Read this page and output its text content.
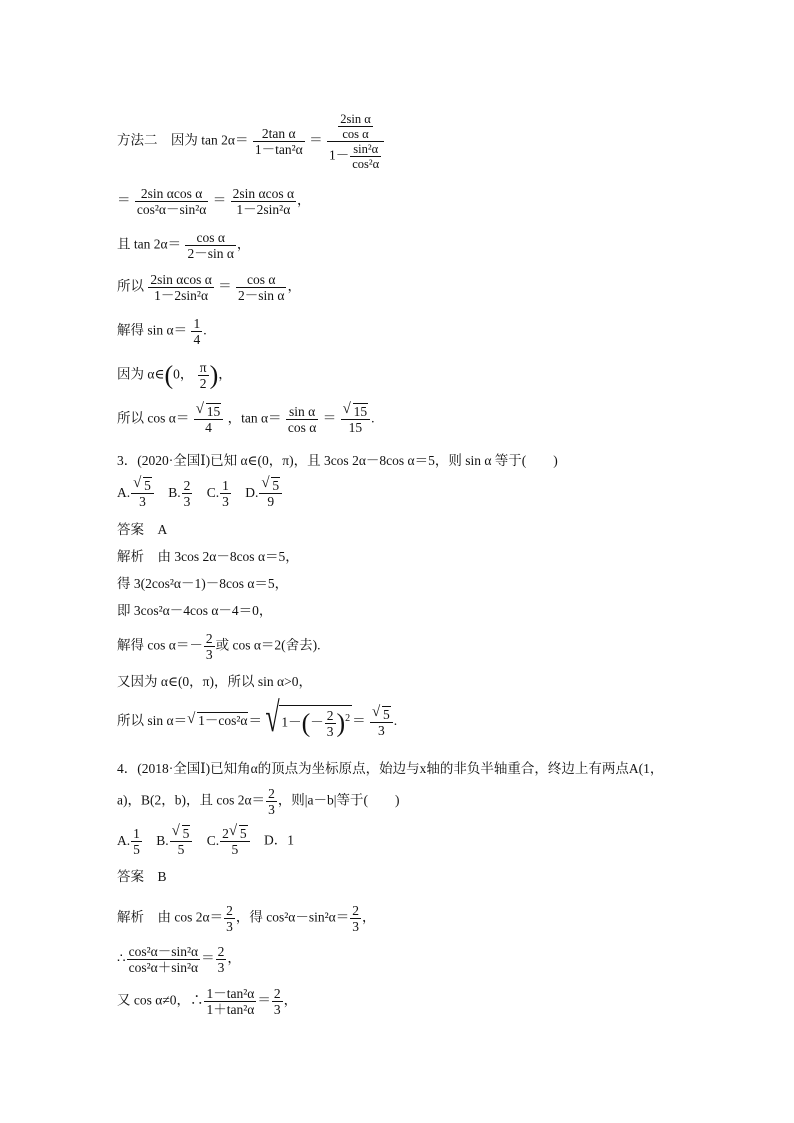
方法二 因为 $\tan 2\alpha= \frac{\text{2tan α}}{\text{1－tan²α}} = \frac{\frac{\text{2sin α}}{\text{cos α}}}{1- \frac{\text{sin²α}}{\text{cos²α}}}$
＝ $\frac{\text{2sin αcos α}}{\text{cos²α－sin²α}} = \frac{\text{2sin αcos α}}{\text{1－2sin²α}}$ ，
且 $\tan 2\alpha= \frac{\text{cos α}}{\text{2－sin α}}$ ，
所以 $\frac{\text{2sin αcos α}}{\text{1－2sin²α}} = \frac{\text{cos α}}{\text{2－sin α}}$ ，
解得 $\sin \alpha= \frac{1}{4}$ .
因为 α∈(0， $\frac{\pi}{2}$ )，
所以 cos α＝ √ $\frac{15}{4}$ ，$\tan \alpha= \frac{\text{sin α}}{\text{cos α}}$ ＝ √ $\frac{15}{15}$ .
3．(2020·全国Ⅰ)已知 α∈(0，π)，且 3cos 2α－8cos α＝5，则 sin α 等于(　　)
A. √ $\frac{5}{3} B$. $\frac{2}{3} C$. $\frac{1}{3} D$. √ $\frac{5}{9}$
答案　A
解析　由 3cos 2α－8cos α＝5，
得 3(2cos²α－1)－8cos α＝5，
即 3cos²α－4cos α－4＝0，
解得 $\cos \alpha=- \frac{2}{3}$ 或 cos α＝2(舍去).
又因为 α∈(0，π)，所以 sin α>0，
所以 sin α＝ √ 1－cos²α＝ √ $1-(- \frac{2}{3} )^2$ ＝ √ $\frac{5}{3}$ .
4．(2018·全国Ⅰ)已知角α的顶点为坐标原点，始边与x轴的非负半轴重合，终边上有两点A(1，
a)，B(2，b)，且 $\cos 2\alpha= \frac{2}{3}$ ，则|a－b|等于(　　)
A. $\frac{1}{5} B$. √ $\frac{5}{5} C$. $\frac{2 √ 5}{5}$ D．1
答案　B
解析　由 $\cos 2\alpha= \frac{2}{3}$ ，得 $\cos^2\alpha-\sin^2\alpha= \frac{2}{3}$ ，
∴ $\frac{\text{cos²α－sin²α}}{\text{cos²α＋sin²α}} = \frac{2}{3}$ ，
又 cos α≠0，∴ $\frac{\text{1－tan²α}}{\text{1＋tan²α}} = \frac{2}{3}$ ，
